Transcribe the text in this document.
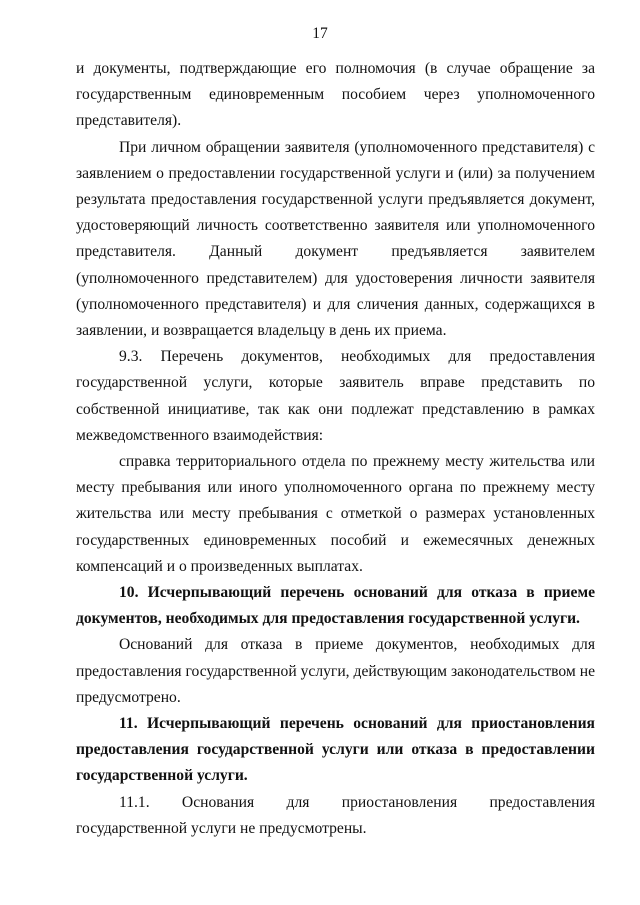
17

и документы, подтверждающие его полномочия (в случае обращение за государственным единовременным пособием через уполномоченного представителя).

При личном обращении заявителя (уполномоченного представителя) с заявлением о предоставлении государственной услуги и (или) за получением результата предоставления государственной услуги предъявляется документ, удостоверяющий личность соответственно заявителя или уполномоченного представителя. Данный документ предъявляется заявителем (уполномоченного представителем) для удостоверения личности заявителя (уполномоченного представителя) и для сличения данных, содержащихся в заявлении, и возвращается владельцу в день их приема.

9.3. Перечень документов, необходимых для предоставления государственной услуги, которые заявитель вправе представить по собственной инициативе, так как они подлежат представлению в рамках межведомственного взаимодействия:

справка территориального отдела по прежнему месту жительства или месту пребывания или иного уполномоченного органа по прежнему месту жительства или месту пребывания с отметкой о размерах установленных государственных единовременных пособий и ежемесячных денежных компенсаций и о произведенных выплатах.

10. Исчерпывающий перечень оснований для отказа в приеме документов, необходимых для предоставления государственной услуги.

Оснований для отказа в приеме документов, необходимых для предоставления государственной услуги, действующим законодательством не предусмотрено.

11. Исчерпывающий перечень оснований для приостановления предоставления государственной услуги или отказа в предоставлении государственной услуги.

11.1. Основания для приостановления предоставления государственной услуги не предусмотрены.
